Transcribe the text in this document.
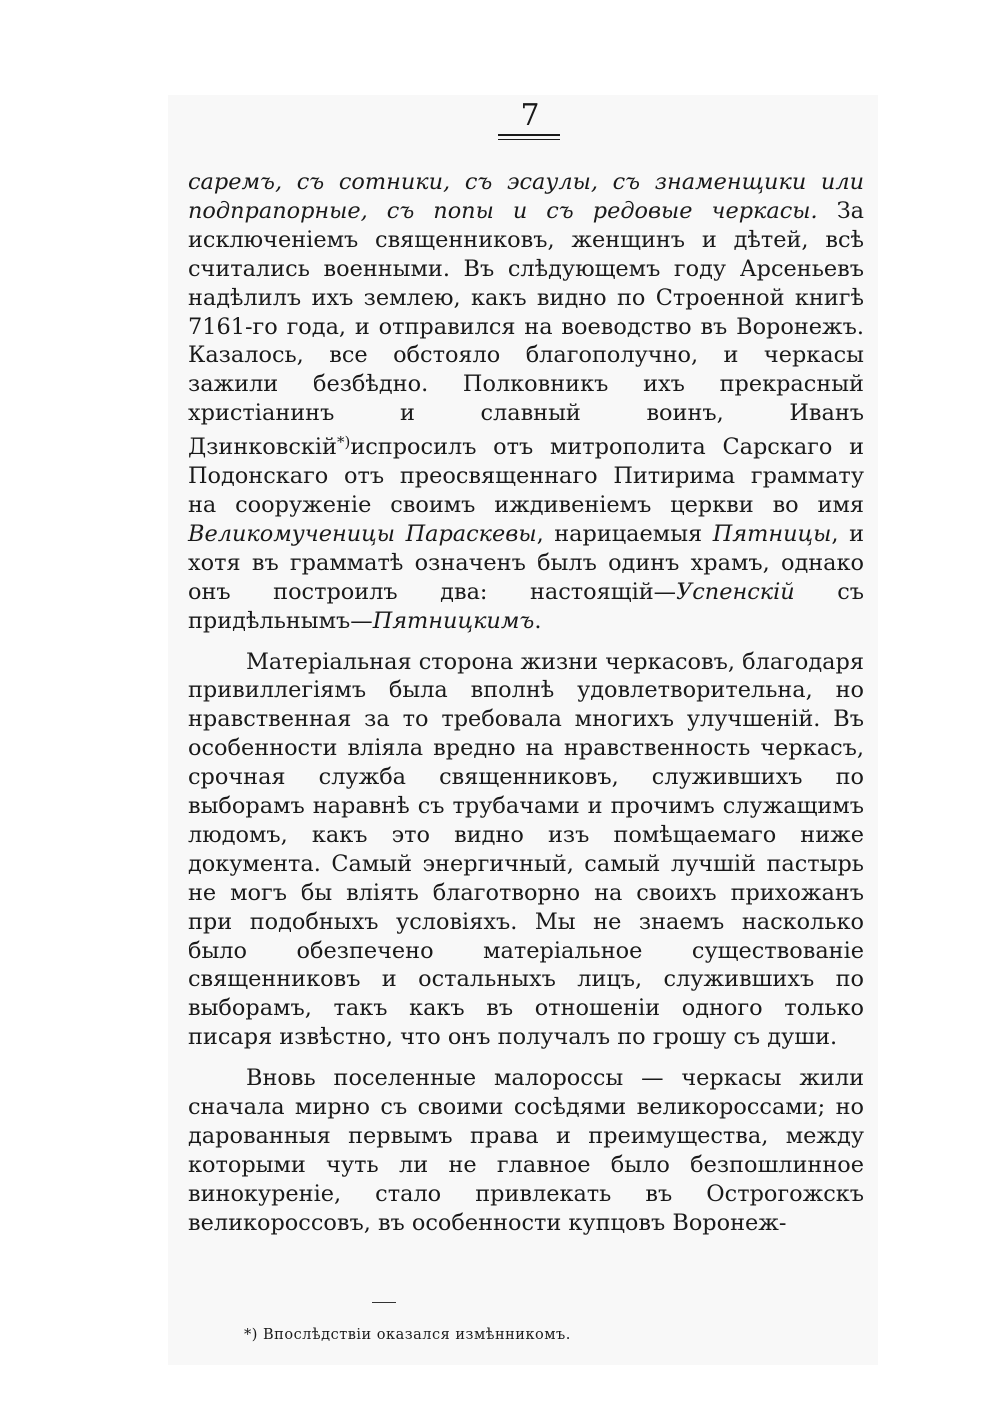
7

саремъ, съ сотники, съ эсаулы, съ знаменщики или подпрапорные, съ попы и съ редовые черкасы. За исключеніемъ священниковъ, женщинъ и дѣтей, всѣ считались военными. Въ слѣдующемъ году Арсеньевъ надѣлилъ ихъ землею, какъ видно по Строенной книгѣ 7161-го года, и отправился на воеводство въ Воронежъ. Казалось, все обстояло благополучно, и черкасы зажили безбѣдно. Полковникъ ихъ прекрасный христіанинъ и славный воинъ, Иванъ Дзинковскій*)испросилъ отъ митрополита Сарскаго и Подонскаго отъ преосвященнаго Питирима граммату на сооруженіе своимъ иждивеніемъ церкви во имя Великомученицы Параскевы, нарицаемыя Пятницы, и хотя въ грамматѣ означенъ былъ одинъ храмъ, однако онъ построилъ два: настоящій—Успенскій съ придѣльнымъ—Пятницкимъ.

Матеріальная сторона жизни черкасовъ, благодаря привиллегіямъ была вполнѣ удовлетворительна, но нравственная за то требовала многихъ улучшеній. Въ особенности вліяла вредно на нравственность черкасъ, срочная служба священниковъ, служившихъ по выборамъ наравнѣ съ трубачами и прочимъ служащимъ людомъ, какъ это видно изъ помѣщаемаго ниже документа. Самый энергичный, самый лучшій пастырь не могъ бы вліять благотворно на своихъ прихожанъ при подобныхъ условіяхъ. Мы не знаемъ насколько было обезпечено матеріальное существованіе священниковъ и остальныхъ лицъ, служившихъ по выборамъ, такъ какъ въ отношеніи одного только писаря извѣстно, что онъ получалъ по грошу съ души.

Вновь поселенные малороссы — черкасы жили сначала мирно съ своими сосѣдями великороссами; но дарованныя первымъ права и преимущества, между которыми чуть ли не главное было безпошлинное винокуреніе, стало привлекать въ Острогожскъ великороссовъ, въ особенности купцовъ Воронеж-

*) Впослѣдствіи оказался измѣнникомъ.
